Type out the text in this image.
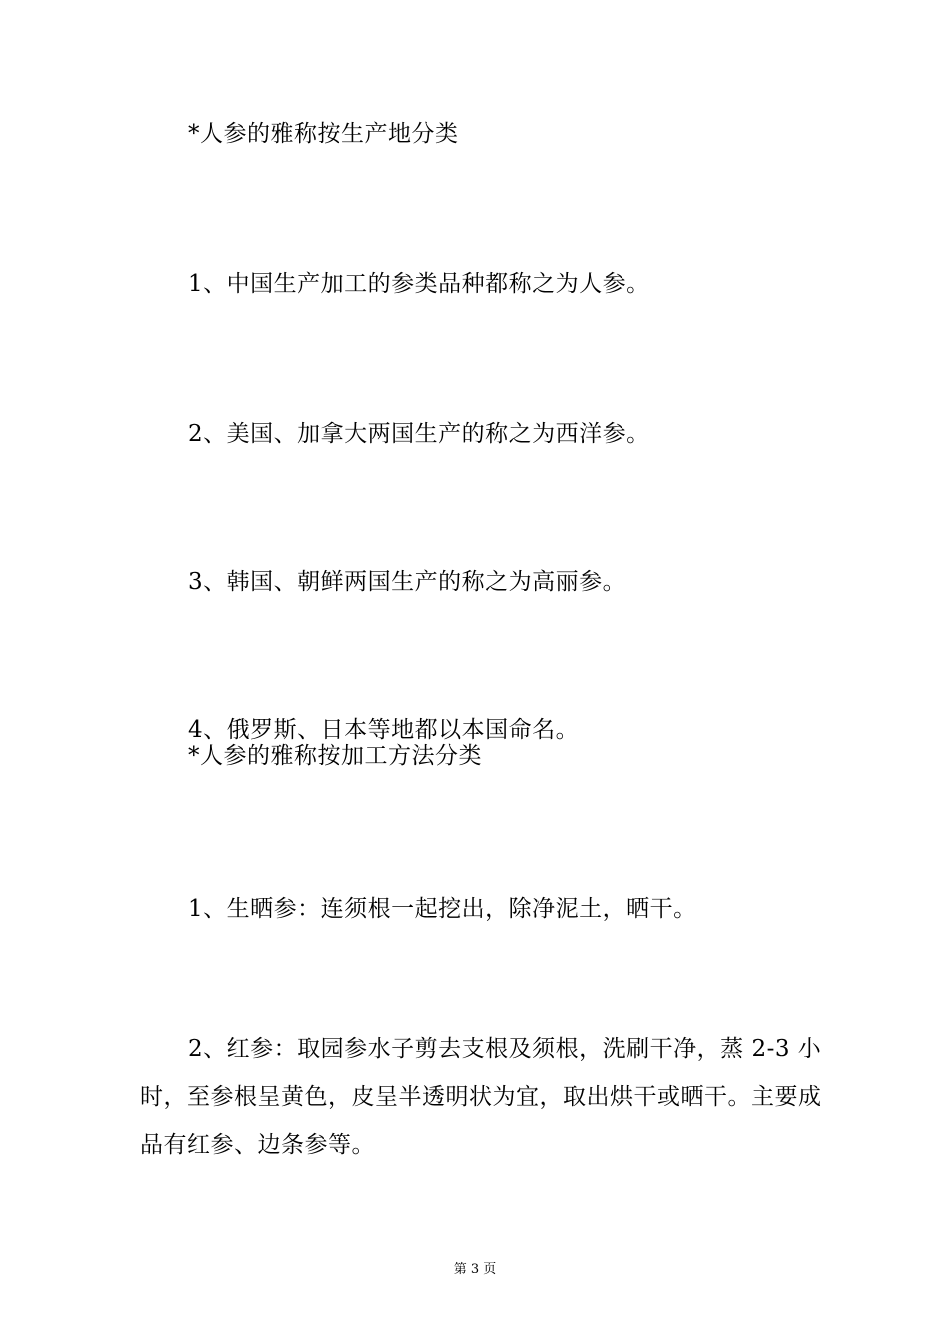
*人参的雅称按生产地分类
1、中国生产加工的参类品种都称之为人参。
2、美国、加拿大两国生产的称之为西洋参。
3、韩国、朝鲜两国生产的称之为高丽参。
4、俄罗斯、日本等地都以本国命名。
*人参的雅称按加工方法分类
1、生晒参：连须根一起挖出，除净泥土，晒干。
2、红参：取园参水子剪去支根及须根，洗刷干净，蒸 2-3 小
时，至参根呈黄色，皮呈半透明状为宜，取出烘干或晒干。主要成
品有红参、边条参等。
第 3 页
